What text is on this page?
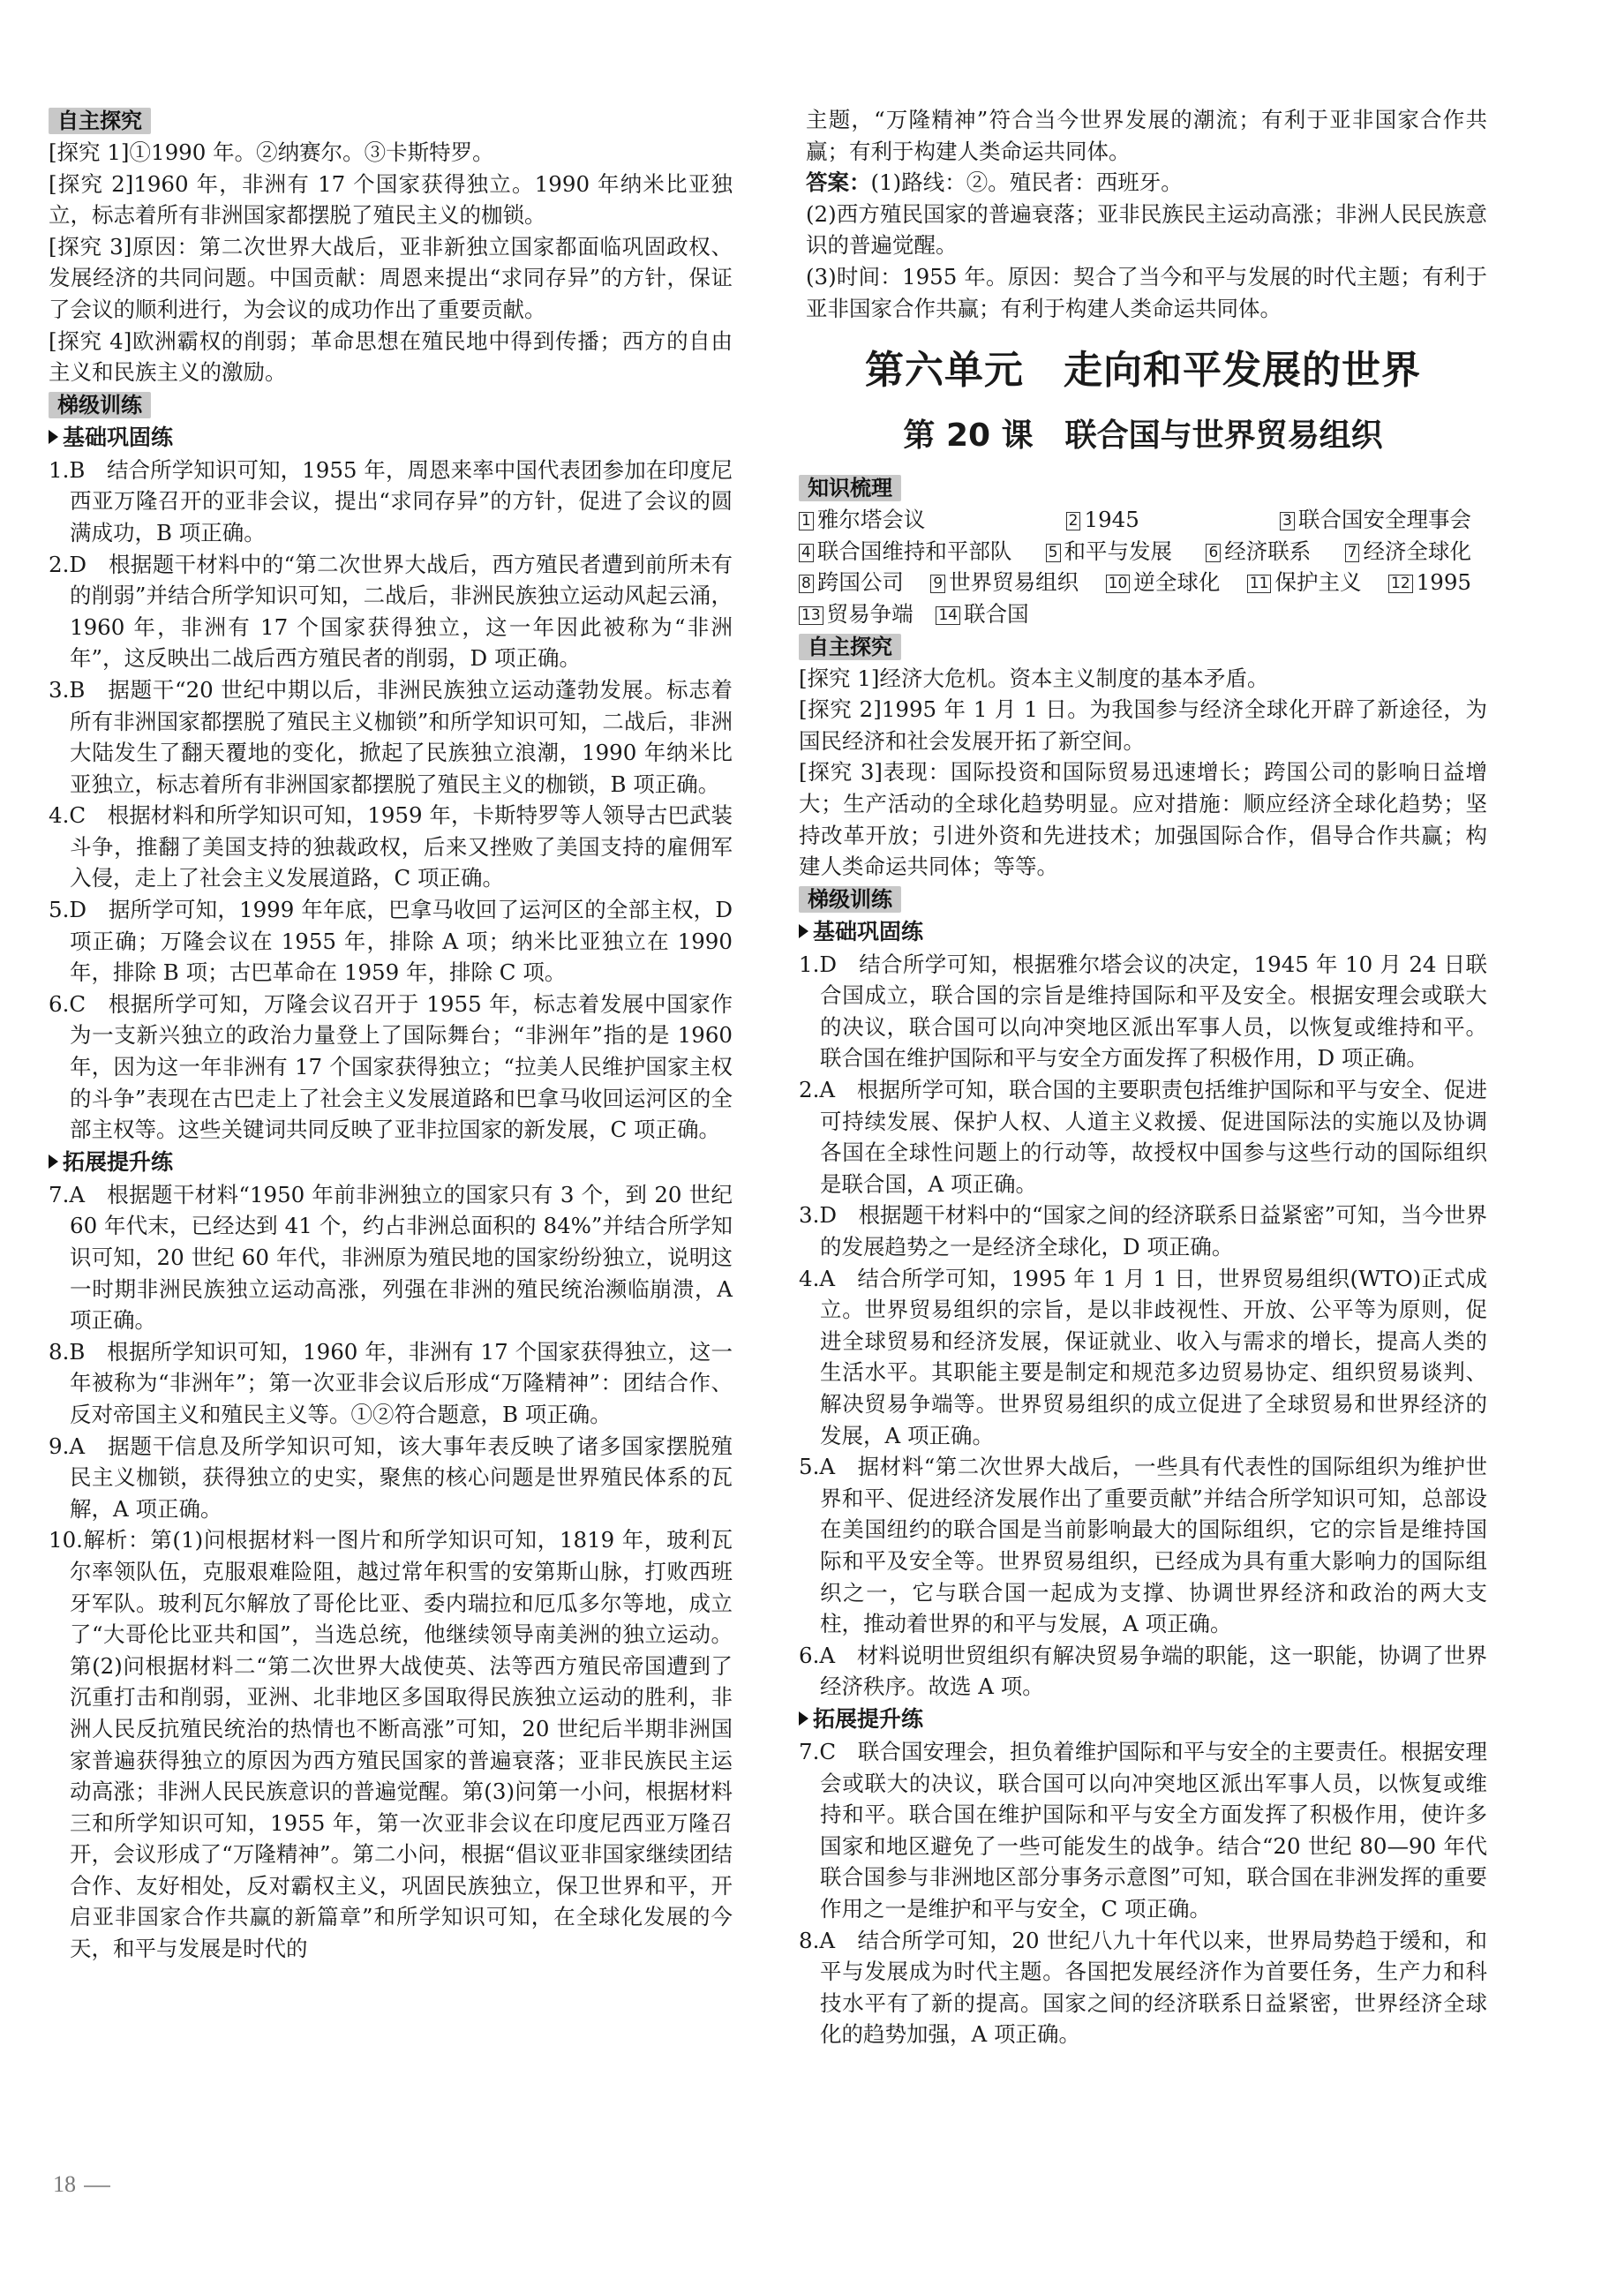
自主探究

[探究 1]①1990 年。②纳赛尔。③卡斯特罗。

[探究 2]1960 年，非洲有 17 个国家获得独立。1990 年纳米比亚独立，标志着所有非洲国家都摆脱了殖民主义的枷锁。

[探究 3]原因：第二次世界大战后，亚非新独立国家都面临巩固政权、发展经济的共同问题。中国贡献：周恩来提出“求同存异”的方针，保证了会议的顺利进行，为会议的成功作出了重要贡献。

[探究 4]欧洲霸权的削弱；革命思想在殖民地中得到传播；西方的自由主义和民族主义的激励。

梯级训练
基础巩固练

1.B　结合所学知识可知，1955 年，周恩来率中国代表团参加在印度尼西亚万隆召开的亚非会议，提出“求同存异”的方针，促进了会议的圆满成功，B 项正确。

2.D　根据题干材料中的“第二次世界大战后，西方殖民者遭到前所未有的削弱”并结合所学知识可知，二战后，非洲民族独立运动风起云涌，1960 年，非洲有 17 个国家获得独立，这一年因此被称为“非洲年”，这反映出二战后西方殖民者的削弱，D 项正确。

3.B　据题干“20 世纪中期以后，非洲民族独立运动蓬勃发展。标志着所有非洲国家都摆脱了殖民主义枷锁”和所学知识可知，二战后，非洲大陆发生了翻天覆地的变化，掀起了民族独立浪潮，1990 年纳米比亚独立，标志着所有非洲国家都摆脱了殖民主义的枷锁，B 项正确。

4.C　根据材料和所学知识可知，1959 年，卡斯特罗等人领导古巴武装斗争，推翻了美国支持的独裁政权，后来又挫败了美国支持的雇佣军入侵，走上了社会主义发展道路，C 项正确。

5.D　据所学可知，1999 年年底，巴拿马收回了运河区的全部主权，D 项正确；万隆会议在 1955 年，排除 A 项；纳米比亚独立在 1990 年，排除 B 项；古巴革命在 1959 年，排除 C 项。

6.C　根据所学可知，万隆会议召开于 1955 年，标志着发展中国家作为一支新兴独立的政治力量登上了国际舞台；“非洲年”指的是 1960 年，因为这一年非洲有 17 个国家获得独立；“拉美人民维护国家主权的斗争”表现在古巴走上了社会主义发展道路和巴拿马收回运河区的全部主权等。这些关键词共同反映了亚非拉国家的新发展，C 项正确。

拓展提升练

7.A　根据题干材料“1950 年前非洲独立的国家只有 3 个，到 20 世纪 60 年代末，已经达到 41 个，约占非洲总面积的 84%”并结合所学知识可知，20 世纪 60 年代，非洲原为殖民地的国家纷纷独立，说明这一时期非洲民族独立运动高涨，列强在非洲的殖民统治濒临崩溃，A 项正确。

8.B　根据所学知识可知，1960 年，非洲有 17 个国家获得独立，这一年被称为“非洲年”；第一次亚非会议后形成“万隆精神”：团结合作、反对帝国主义和殖民主义等。①②符合题意，B 项正确。

9.A　据题干信息及所学知识可知，该大事年表反映了诸多国家摆脱殖民主义枷锁，获得独立的史实，聚焦的核心问题是世界殖民体系的瓦解，A 项正确。

10.解析：第(1)问根据材料一图片和所学知识可知，1819 年，玻利瓦尔率领队伍，克服艰难险阻，越过常年积雪的安第斯山脉，打败西班牙军队。玻利瓦尔解放了哥伦比亚、委内瑞拉和厄瓜多尔等地，成立了“大哥伦比亚共和国”，当选总统，他继续领导南美洲的独立运动。第(2)问根据材料二“第二次世界大战使英、法等西方殖民帝国遭到了沉重打击和削弱，亚洲、北非地区多国取得民族独立运动的胜利，非洲人民反抗殖民统治的热情也不断高涨”可知，20 世纪后半期非洲国家普遍获得独立的原因为西方殖民国家的普遍衰落；亚非民族民主运动高涨；非洲人民民族意识的普遍觉醒。第(3)问第一小问，根据材料三和所学知识可知，1955 年，第一次亚非会议在印度尼西亚万隆召开，会议形成了“万隆精神”。第二小问，根据“倡议亚非国家继续团结合作、友好相处，反对霸权主义，巩固民族独立，保卫世界和平，开启亚非国家合作共赢的新篇章”和所学知识可知，在全球化发展的今天，和平与发展是时代的

主题，“万隆精神”符合当今世界发展的潮流；有利于亚非国家合作共赢；有利于构建人类命运共同体。

答案：(1)路线：②。殖民者：西班牙。

(2)西方殖民国家的普遍衰落；亚非民族民主运动高涨；非洲人民民族意识的普遍觉醒。

(3)时间：1955 年。原因：契合了当今和平与发展的时代主题；有利于亚非国家合作共赢；有利于构建人类命运共同体。

第六单元　走向和平发展的世界
第 20 课　联合国与世界贸易组织
知识梳理

1 雅尔塔会议	2 1945	3 联合国安全理事会 4 联合国维持和平部队 5 和平与发展 6 经济联系 7 经济全球化 8 跨国公司 9 世界贸易组织 10 逆全球化 11 保护主义 12 1995 13 贸易争端 14 联合国

自主探究

[探究 1]经济大危机。资本主义制度的基本矛盾。

[探究 2]1995 年 1 月 1 日。为我国参与经济全球化开辟了新途径，为国民经济和社会发展开拓了新空间。

[探究 3]表现：国际投资和国际贸易迅速增长；跨国公司的影响日益增大；生产活动的全球化趋势明显。应对措施：顺应经济全球化趋势；坚持改革开放；引进外资和先进技术；加强国际合作，倡导合作共赢；构建人类命运共同体；等等。

梯级训练
基础巩固练

1.D　结合所学可知，根据雅尔塔会议的决定，1945 年 10 月 24 日联合国成立，联合国的宗旨是维持国际和平及安全。根据安理会或联大的决议，联合国可以向冲突地区派出军事人员，以恢复或维持和平。联合国在维护国际和平与安全方面发挥了积极作用，D 项正确。

2.A　根据所学可知，联合国的主要职责包括维护国际和平与安全、促进可持续发展、保护人权、人道主义救援、促进国际法的实施以及协调各国在全球性问题上的行动等，故授权中国参与这些行动的国际组织是联合国，A 项正确。

3.D　根据题干材料中的“国家之间的经济联系日益紧密”可知，当今世界的发展趋势之一是经济全球化，D 项正确。

4.A　结合所学可知，1995 年 1 月 1 日，世界贸易组织(WTO)正式成立。世界贸易组织的宗旨，是以非歧视性、开放、公平等为原则，促进全球贸易和经济发展，保证就业、收入与需求的增长，提高人类的生活水平。其职能主要是制定和规范多边贸易协定、组织贸易谈判、解决贸易争端等。世界贸易组织的成立促进了全球贸易和世界经济的发展，A 项正确。

5.A　据材料“第二次世界大战后，一些具有代表性的国际组织为维护世界和平、促进经济发展作出了重要贡献”并结合所学知识可知，总部设在美国纽约的联合国是当前影响最大的国际组织，它的宗旨是维持国际和平及安全等。世界贸易组织，已经成为具有重大影响力的国际组织之一，它与联合国一起成为支撑、协调世界经济和政治的两大支柱，推动着世界的和平与发展，A 项正确。

6.A　材料说明世贸组织有解决贸易争端的职能，这一职能，协调了世界经济秩序。故选 A 项。

拓展提升练

7.C　联合国安理会，担负着维护国际和平与安全的主要责任。根据安理会或联大的决议，联合国可以向冲突地区派出军事人员，以恢复或维持和平。联合国在维护国际和平与安全方面发挥了积极作用，使许多国家和地区避免了一些可能发生的战争。结合“20 世纪 80—90 年代联合国参与非洲地区部分事务示意图”可知，联合国在非洲发挥的重要作用之一是维护和平与安全，C 项正确。

8.A　结合所学可知，20 世纪八九十年代以来，世界局势趋于缓和，和平与发展成为时代主题。各国把发展经济作为首要任务，生产力和科技水平有了新的提高。国家之间的经济联系日益紧密，世界经济全球化的趋势加强，A 项正确。

18
